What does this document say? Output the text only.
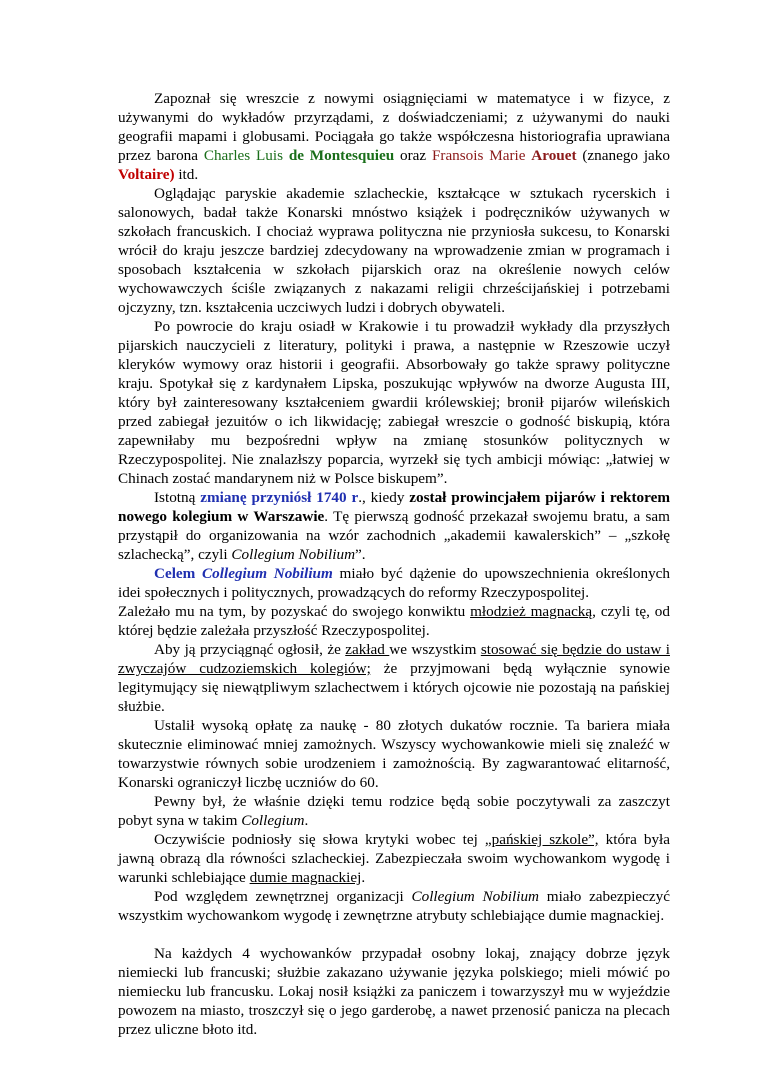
Zapoznał się wreszcie z nowymi osiągnięciami w matematyce i w fizyce, z używanymi do wykładów przyrządami, z doświadczeniami; z używanymi do nauki geografii mapami i globusami. Pociągała go także współczesna historiografia uprawiana przez barona Charles Luis de Montesquieu oraz Fransois Marie Arouet (znanego jako Voltaire) itd.

Oglądając paryskie akademie szlacheckie, kształcące w sztukach rycerskich i salonowych, badał także Konarski mnóstwo książek i podręczników używanych w szkołach francuskich. I chociaż wyprawa polityczna nie przyniosła sukcesu, to Konarski wrócił do kraju jeszcze bardziej zdecydowany na wprowadzenie zmian w programach i sposobach kształcenia w szkołach pijarskich oraz na określenie nowych celów wychowawczych ściśle związanych z nakazami religii chrześcijańskiej i potrzebami ojczyzny, tzn. kształcenia uczciwych ludzi i dobrych obywateli.

Po powrocie do kraju osiadł w Krakowie i tu prowadził wykłady dla przyszłych pijarskich nauczycieli z literatury, polityki i prawa, a następnie w Rzeszowie uczył kleryków wymowy oraz historii i geografii. Absorbowały go także sprawy polityczne kraju. Spotykał się z kardynałem Lipska, poszukując wpływów na dworze Augusta III, który był zainteresowany kształceniem gwardii królewskiej; bronił pijarów wileńskich przed zabiegał jezuitów o ich likwidację; zabiegał wreszcie o godność biskupią, która zapewniłaby mu bezpośredni wpływ na zmianę stosunków politycznych w Rzeczypospolitej. Nie znalazłszy poparcia, wyrzekł się tych ambicji mówiąc: „łatwiej w Chinach zostać mandarynem niż w Polsce biskupem”.

Istotną zmianę przyniósł 1740 r., kiedy został prowincjałem pijarów i rektorem nowego kolegium w Warszawie. Tę pierwszą godność przekazał swojemu bratu, a sam przystąpił do organizowania na wzór zachodnich „akademii kawalerskich” – „szkołę szlachecką”, czyli Collegium Nobilium”.

Celem Collegium Nobilium miało być dążenie do upowszechnienia określonych idei społecznych i politycznych, prowadzących do reformy Rzeczypospolitej.

Zależało mu na tym, by pozyskać do swojego konwiktu młodzież magnacką, czyli tę, od której będzie zależała przyszłość Rzeczypospolitej.

Aby ją przyciągnąć ogłosił, że zakład we wszystkim stosować się będzie do ustaw i zwyczajów cudzoziemskich kolegiów; że przyjmowani będą wyłącznie synowie legitymujący się niewątpliwym szlachectwem i których ojcowie nie pozostają na pańskiej służbie.

Ustalił wysoką opłatę za naukę - 80 złotych dukatów rocznie. Ta bariera miała skutecznie eliminować mniej zamożnych. Wszyscy wychowankowie mieli się znaleźć w towarzystwie równych sobie urodzeniem i zamożnością. By zagwarantować elitarność, Konarski ograniczył liczbę uczniów do 60.

Pewny był, że właśnie dzięki temu rodzice będą sobie poczytywali za zaszczyt pobyt syna w takim Collegium.

Oczywiście podniosły się słowa krytyki wobec tej „pańskiej szkole”, która była jawną obrazą dla równości szlacheckiej. Zabezpieczała swoim wychowankom wygodę i warunki schlebiające dumie magnackiej.

Pod względem zewnętrznej organizacji Collegium Nobilium miało zabezpieczyć wszystkim wychowankom wygodę i zewnętrzne atrybuty schlebiające dumie magnackiej.

Na każdych 4 wychowanków przypadał osobny lokaj, znający dobrze język niemiecki lub francuski; służbie zakazano używanie języka polskiego; mieli mówić po niemiecku lub francusku. Lokaj nosił książki za paniczem i towarzyszył mu w wyjeździe powozem na miasto, troszczył się o jego garderobę, a nawet przenosić panicza na plecach przez uliczne błoto itd.
